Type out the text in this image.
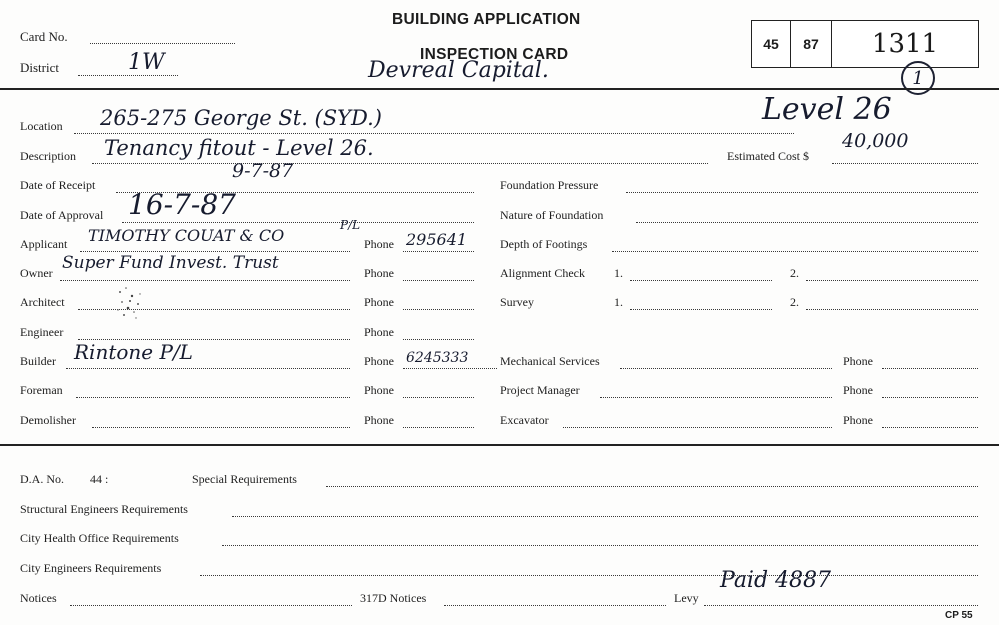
Card No.
District	1W
BUILDING APPLICATION
INSPECTION CARD
Devreal Capital.
45	87	1311
1
Location 265-275 George St. (SYD.)	Level 26
Description Tenancy fitout - Level 26.	Estimated Cost $
40,000
Date of Receipt
9-7-87
Date of Approval 16-7-87
Applicant TIMOTHY COUAT & CO
P/L
Phone 295641
Owner Super Fund Invest. Trust	Phone
Architect	Phone
Engineer	Phone
Builder Rintone P/L	Phone 6245333
Foreman	Phone
Demolisher	Phone
Foundation Pressure
Nature of Foundation
Depth of Footings
Alignment Check 1.	2.
Survey	1.	2.
Mechanical Services	Phone
Project Manager	Phone
Excavator	Phone
D.A. No. 44 :	Special Requirements
Structural Engineers Requirements
City Health Office Requirements
City Engineers Requirements
Notices	317D Notices	Levy
Paid 4887
CP 55
